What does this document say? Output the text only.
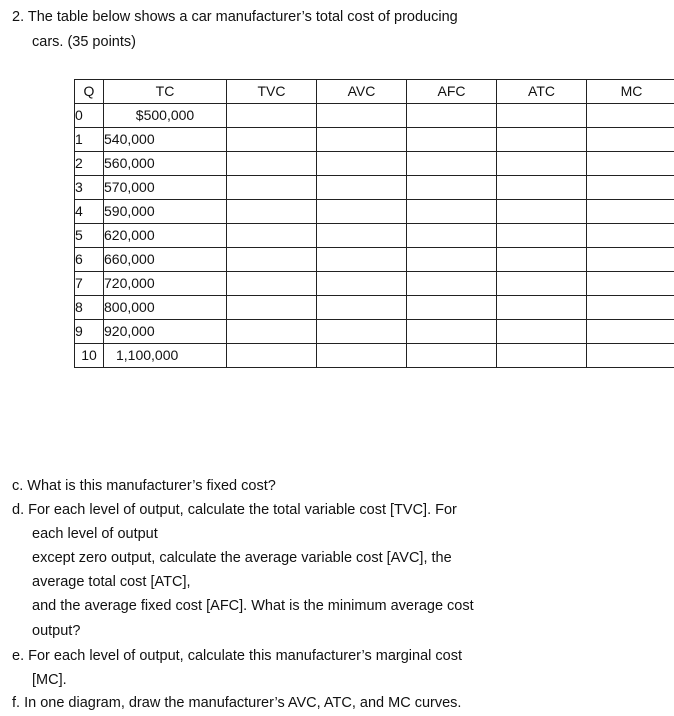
2. The table below shows a car manufacturer’s total cost of producing
cars. (35 points)
Q	TC	TVC	AVC	AFC	ATC	MC
0	$500,000					
1	540,000					
2	560,000					
3	570,000					
4	590,000					
5	620,000					
6	660,000					
7	720,000					
8	800,000					
9	920,000					
10	1,100,000					
c. What is this manufacturer’s fixed cost?
d. For each level of output, calculate the total variable cost [TVC]. For
each level of output
except zero output, calculate the average variable cost [AVC], the
average total cost [ATC],
and the average fixed cost [AFC]. What is the minimum average cost
output?
e. For each level of output, calculate this manufacturer’s marginal cost
[MC].
f. In one diagram, draw the manufacturer’s AVC, ATC, and MC curves.
